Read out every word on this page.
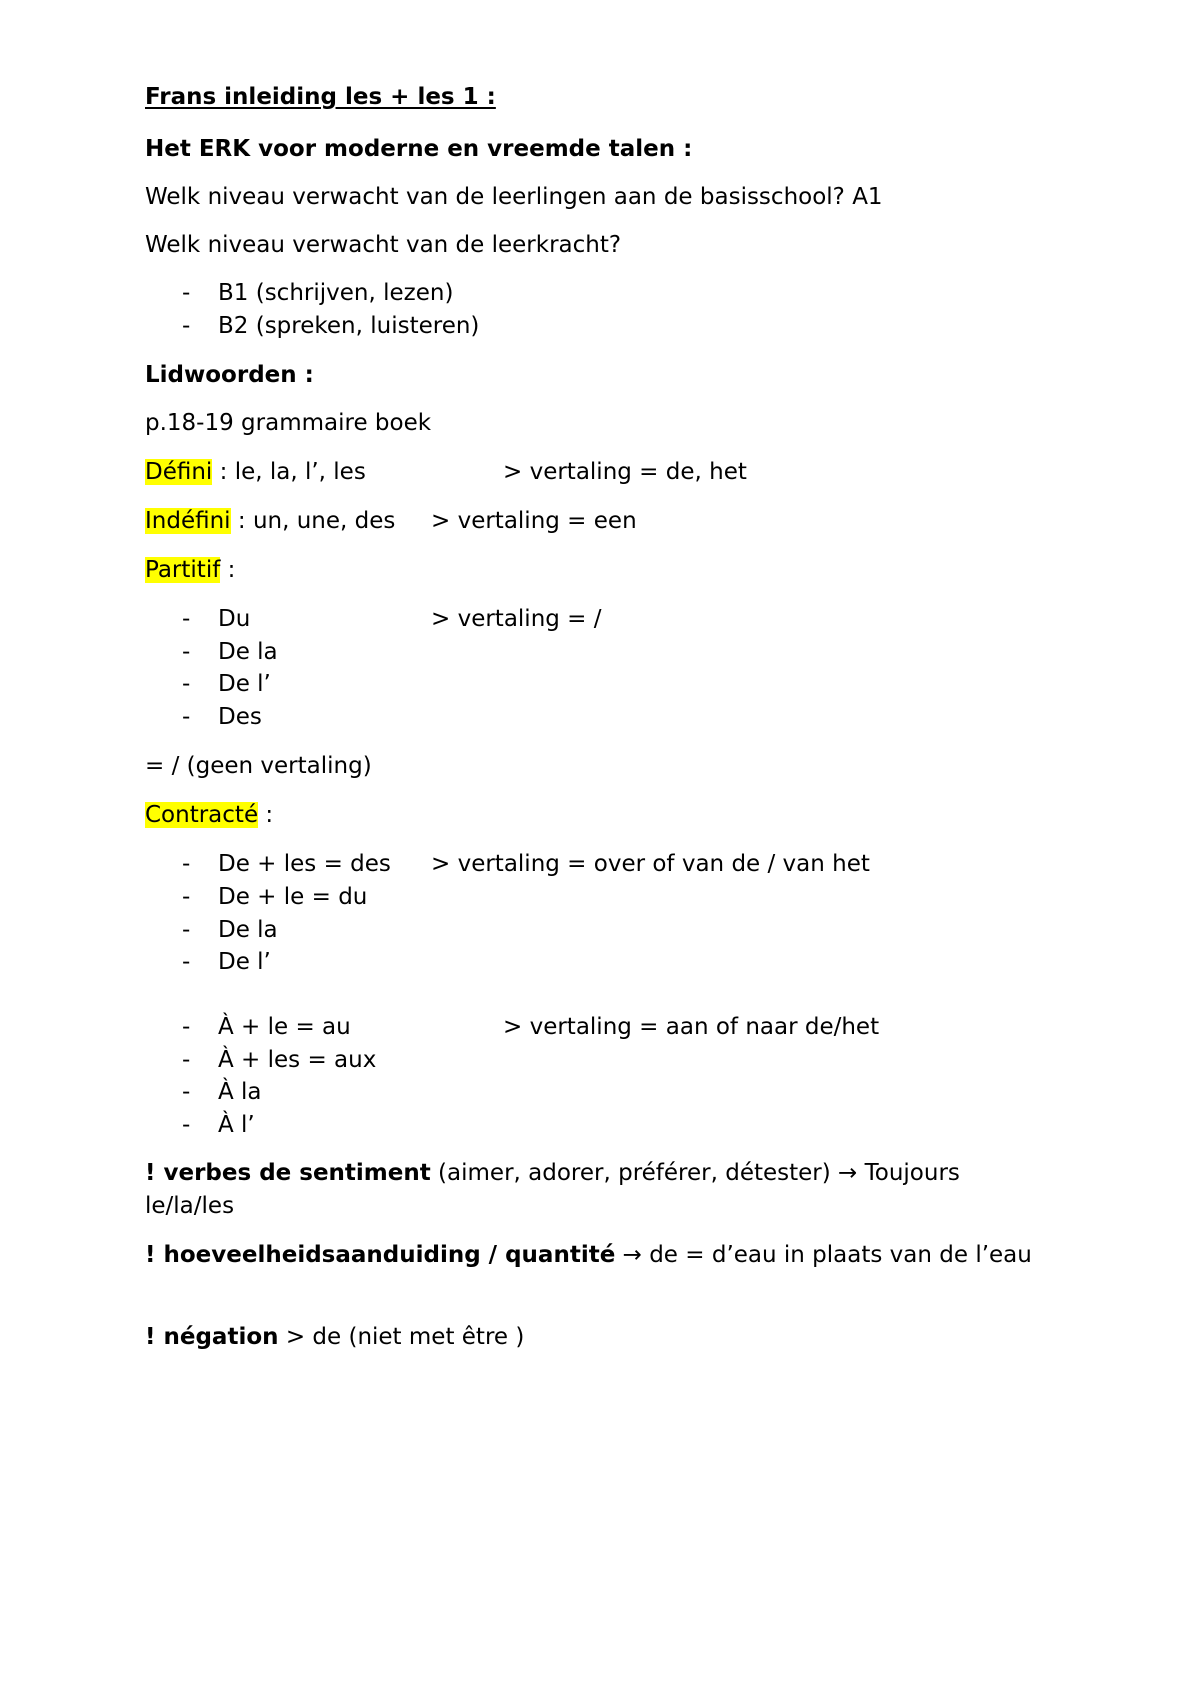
Frans inleiding les + les 1 :
Het ERK voor moderne en vreemde talen :
Welk niveau verwacht van de leerlingen aan de basisschool? A1
Welk niveau verwacht van de leerkracht?
- B1 (schrijven, lezen)
- B2 (spreken, luisteren)
Lidwoorden :
p.18-19 grammaire boek
Défini : le, la, l’, les	> vertaling = de, het
Indéfini : un, une, des > vertaling = een
Partitif :
- Du	> vertaling = /
- De la
- De l’
- Des
= / (geen vertaling)
Contracté :
- De + les = des > vertaling = over of van de / van het
- De + le = du
- De la
- De l’
- À + le = au	> vertaling = aan of naar de/het
- À + les = aux
- À la
- À l’
! verbes de sentiment (aimer, adorer, préférer, détester) → Toujours le/la/les
! hoeveelheidsaanduiding / quantité → de = d’eau in plaats van de l’eau
! négation > de (niet met être )
